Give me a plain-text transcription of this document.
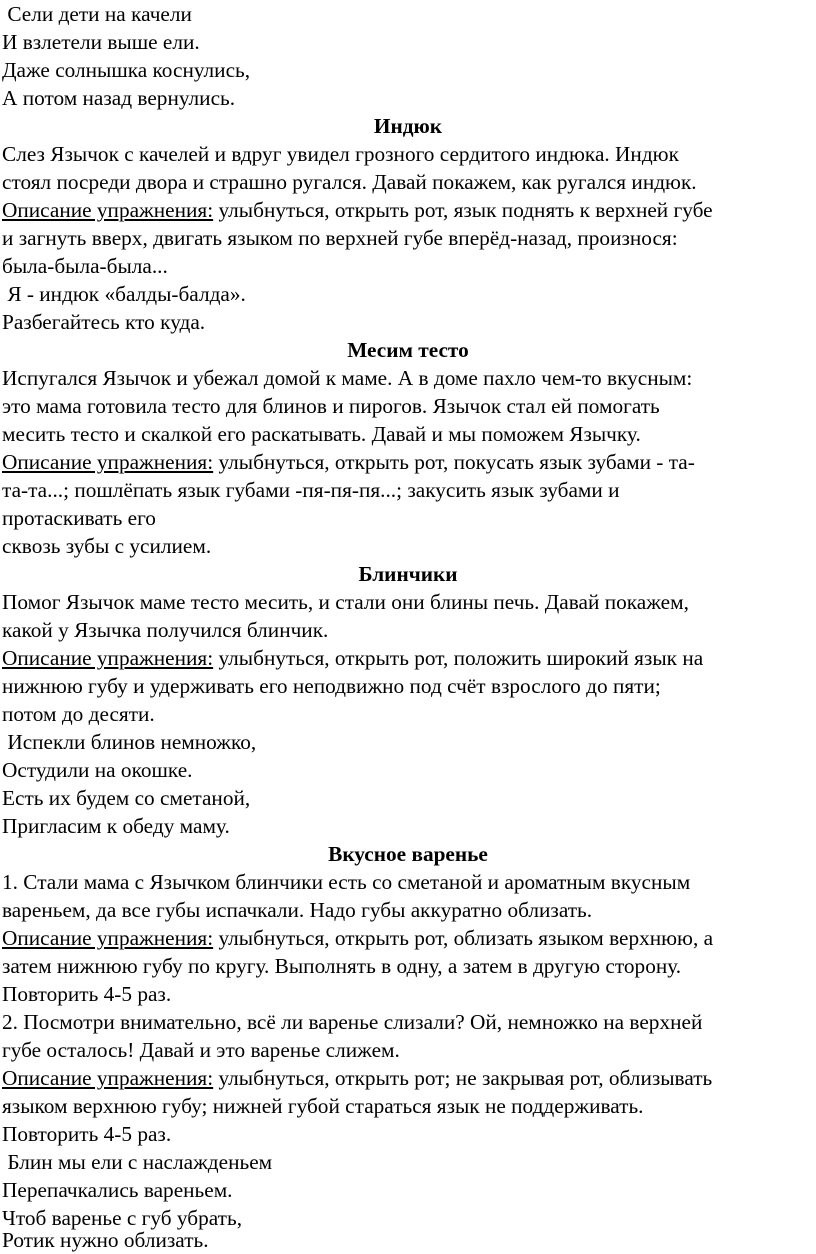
Сели дети на качели
И взлетели выше ели.
Даже солнышка коснулись,
А потом назад вернулись.
Индюк
Слез Язычок с качелей и вдруг увидел грозного сердитого индюка. Индюк
стоял посреди двора и страшно ругался. Давай покажем, как ругался индюк.
Описание упражнения: улыбнуться, открыть рот, язык поднять к верхней губе
и загнуть вверх, двигать языком по верхней губе вперёд-назад, произнося:
была-была-была...
Я - индюк «балды-балда».
Разбегайтесь кто куда.
Месим тесто
Испугался Язычок и убежал домой к маме. А в доме пахло чем-то вкусным:
это мама готовила тесто для блинов и пирогов. Язычок стал ей помогать
месить тесто и скалкой его раскатывать. Давай и мы поможем Язычку.
Описание упражнения: улыбнуться, открыть рот, покусать язык зубами - та-
та-та...; пошлёпать язык губами -пя-пя-пя...; закусить язык зубами и
протаскивать его
сквозь зубы с усилием.
Блинчики
Помог Язычок маме тесто месить, и стали они блины печь. Давай покажем,
какой у Язычка получился блинчик.
Описание упражнения: улыбнуться, открыть рот, положить широкий язык на
нижнюю губу и удерживать его неподвижно под счёт взрослого до пяти;
потом до десяти.
Испекли блинов немножко,
Остудили на окошке.
Есть их будем со сметаной,
Пригласим к обеду маму.
Вкусное варенье
1. Стали мама с Язычком блинчики есть со сметаной и ароматным вкусным
вареньем, да все губы испачкали. Надо губы аккуратно облизать.
Описание упражнения: улыбнуться, открыть рот, облизать языком верхнюю, а
затем нижнюю губу по кругу. Выполнять в одну, а затем в другую сторону.
Повторить 4-5 раз.
2. Посмотри внимательно, всё ли варенье слизали? Ой, немножко на верхней
губе осталось! Давай и это варенье слижем.
Описание упражнения: улыбнуться, открыть рот; не закрывая рот, облизывать
языком верхнюю губу; нижней губой стараться язык не поддерживать.
Повторить 4-5 раз.
Блин мы ели с наслажденьем
Перепачкались вареньем.
Чтоб варенье с губ убрать,
Ротик нужно облизать.
